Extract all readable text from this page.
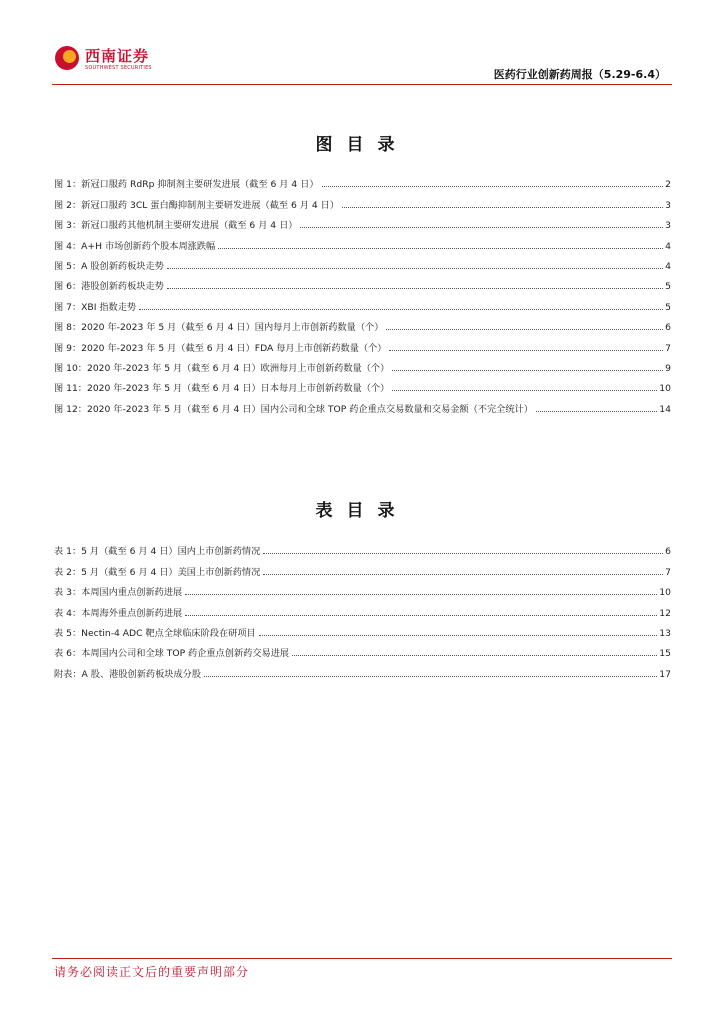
西南证券
SOUTHWEST SECURITIES	医药行业创新药周报（5.29-6.4）
图目录
图 1：新冠口服药 RdRp 抑制剂主要研发进展（截至 6 月 4 日）	2
图 2：新冠口服药 3CL 蛋白酶抑制剂主要研发进展（截至 6 月 4 日）	3
图 3：新冠口服药其他机制主要研发进展（截至 6 月 4 日）	3
图 4：A+H 市场创新药个股本周涨跌幅	4
图 5：A 股创新药板块走势	4
图 6：港股创新药板块走势	5
图 7：XBI 指数走势	5
图 8：2020 年-2023 年 5 月（截至 6 月 4 日）国内每月上市创新药数量（个）	6
图 9：2020 年-2023 年 5 月（截至 6 月 4 日）FDA 每月上市创新药数量（个）	7
图 10：2020 年-2023 年 5 月（截至 6 月 4 日）欧洲每月上市创新药数量（个）	9
图 11：2020 年-2023 年 5 月（截至 6 月 4 日）日本每月上市创新药数量（个）	10
图 12：2020 年-2023 年 5 月（截至 6 月 4 日）国内公司和全球 TOP 药企重点交易数量和交易金额（不完全统计）	14
表目录
表 1：5 月（截至 6 月 4 日）国内上市创新药情况	6
表 2：5 月（截至 6 月 4 日）美国上市创新药情况	7
表 3：本周国内重点创新药进展	10
表 4：本周海外重点创新药进展	12
表 5：Nectin-4 ADC 靶点全球临床阶段在研项目	13
表 6：本周国内公司和全球 TOP 药企重点创新药交易进展	15
附表：A 股、港股创新药板块成分股	17
请务必阅读正文后的重要声明部分
